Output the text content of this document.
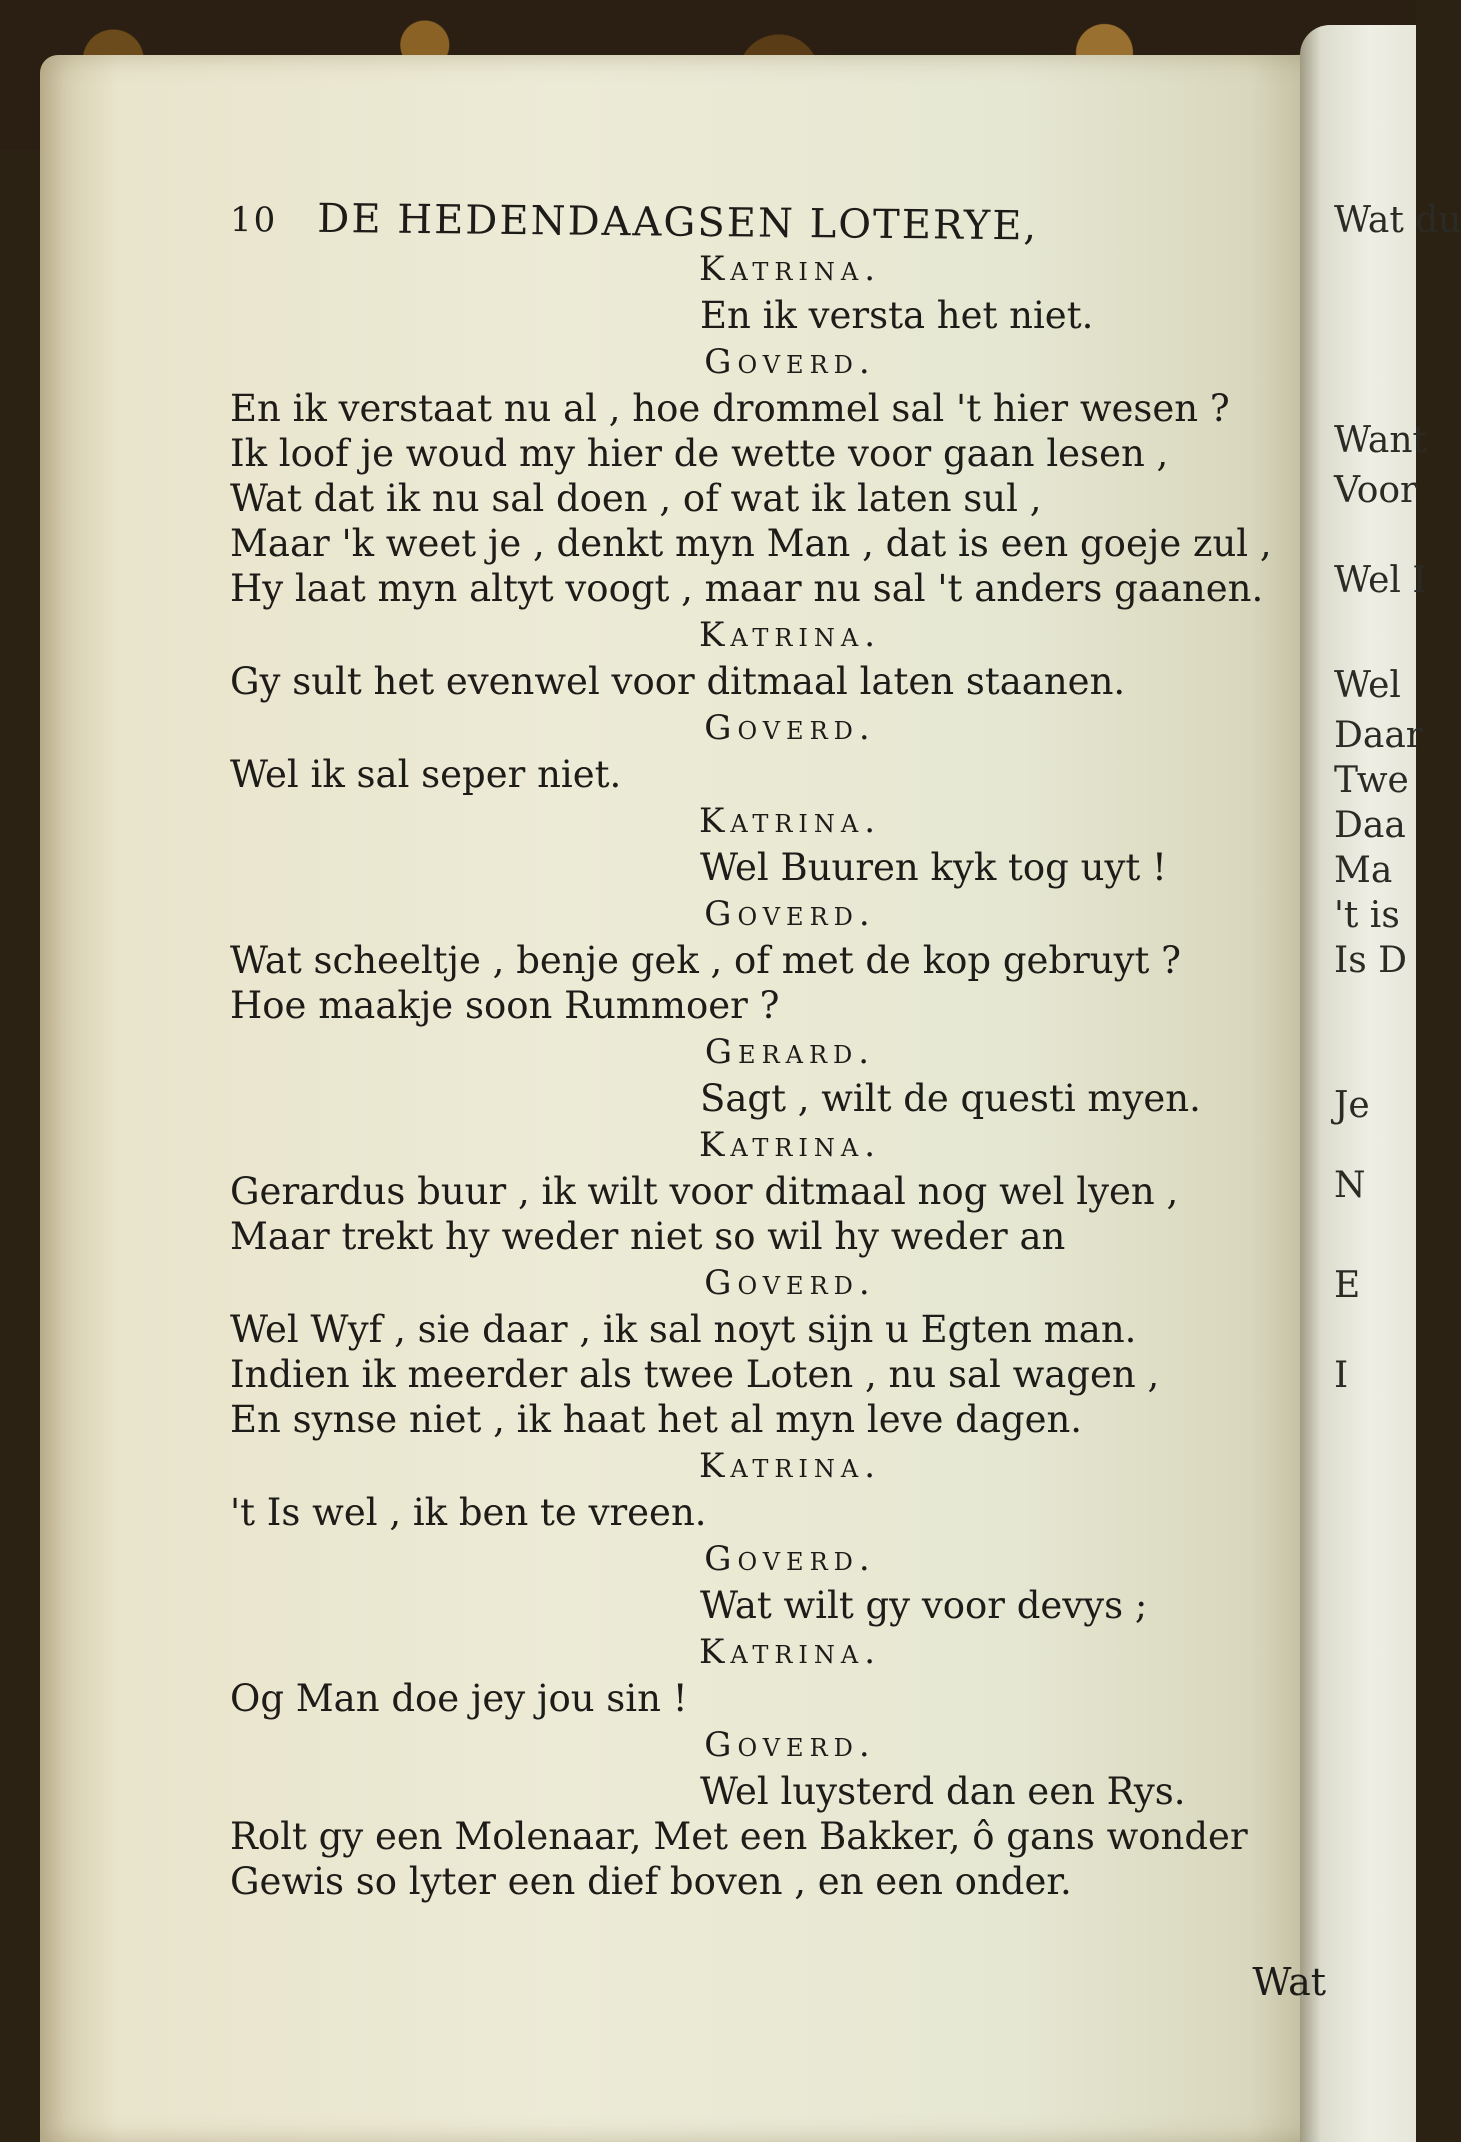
Wat du
Want
Voor
Wel I
Wel
Daar
Twe
Daa
Ma
't is
Is D
Je
N
E
I
10 DE HEDENDAAGSEN LOTERYE,
Katrina.
En ik versta het niet.
Goverd.
En ik verstaat nu al , hoe drommel sal 't hier wesen ?
Ik loof je woud my hier de wette voor gaan lesen ,
Wat dat ik nu sal doen , of wat ik laten sul ,
Maar 'k weet je , denkt myn Man , dat is een goeje zul ,
Hy laat myn altyt voogt , maar nu sal 't anders gaanen.
Katrina.
Gy sult het evenwel voor ditmaal laten staanen.
Goverd.
Wel ik sal seper niet.
Katrina.
Wel Buuren kyk tog uyt !
Goverd.
Wat scheeltje , benje gek , of met de kop gebruyt ?
Hoe maakje soon Rummoer ?
Gerard.
Sagt , wilt de questi myen.
Katrina.
Gerardus buur , ik wilt voor ditmaal nog wel lyen ,
Maar trekt hy weder niet so wil hy weder an
Goverd.
Wel Wyf , sie daar , ik sal noyt sijn u Egten man.
Indien ik meerder als twee Loten , nu sal wagen ,
En synse niet , ik haat het al myn leve dagen.
Katrina.
't Is wel , ik ben te vreen.
Goverd.
Wat wilt gy voor devys ;
Katrina.
Og Man doe jey jou sin !
Goverd.
Wel luysterd dan een Rys.
Rolt gy een Molenaar, Met een Bakker, ô gans wonder
Gewis so lyter een dief boven , en een onder.
Wat
